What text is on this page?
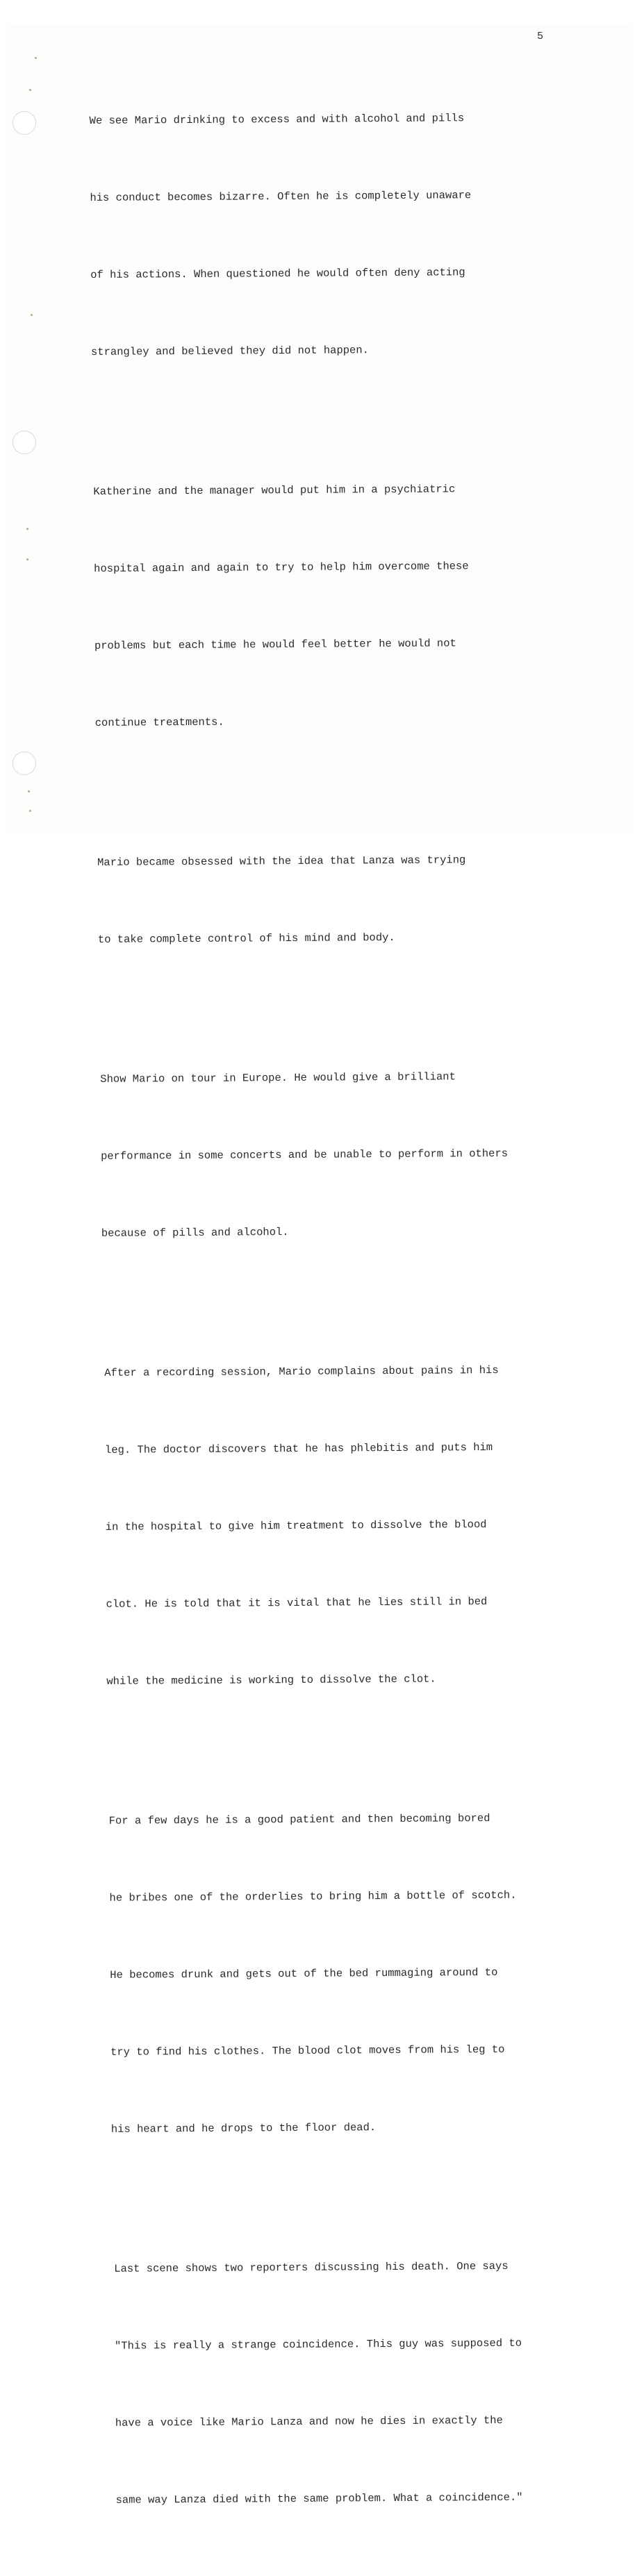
5

We see Mario drinking to excess and with alcohol and pills

his conduct becomes bizarre. Often he is completely unaware

of his actions. When questioned he would often deny acting

strangley and believed they did not happen.

Katherine and the manager would put him in a psychiatric

hospital again and again to try to help him overcome these

problems but each time he would feel better he would not

continue treatments.

Mario became obsessed with the idea that Lanza was trying

to take complete control of his mind and body.

Show Mario on tour in Europe. He would give a brilliant

performance in some concerts and be unable to perform in others

because of pills and alcohol.

After a recording session, Mario complains about pains in his

leg. The doctor discovers that he has phlebitis and puts him

in the hospital to give him treatment to dissolve the blood

clot. He is told that it is vital that he lies still in bed

while the medicine is working to dissolve the clot.

For a few days he is a good patient and then becoming bored

he bribes one of the orderlies to bring him a bottle of scotch.

He becomes drunk and gets out of the bed rummaging around to

try to find his clothes. The blood clot moves from his leg to

his heart and he drops to the floor dead.

Last scene shows two reporters discussing his death. One says

"This is really a strange coincidence. This guy was supposed to

have a voice like Mario Lanza and now he dies in exactly the

same way Lanza died with the same problem. What a coincidence."
